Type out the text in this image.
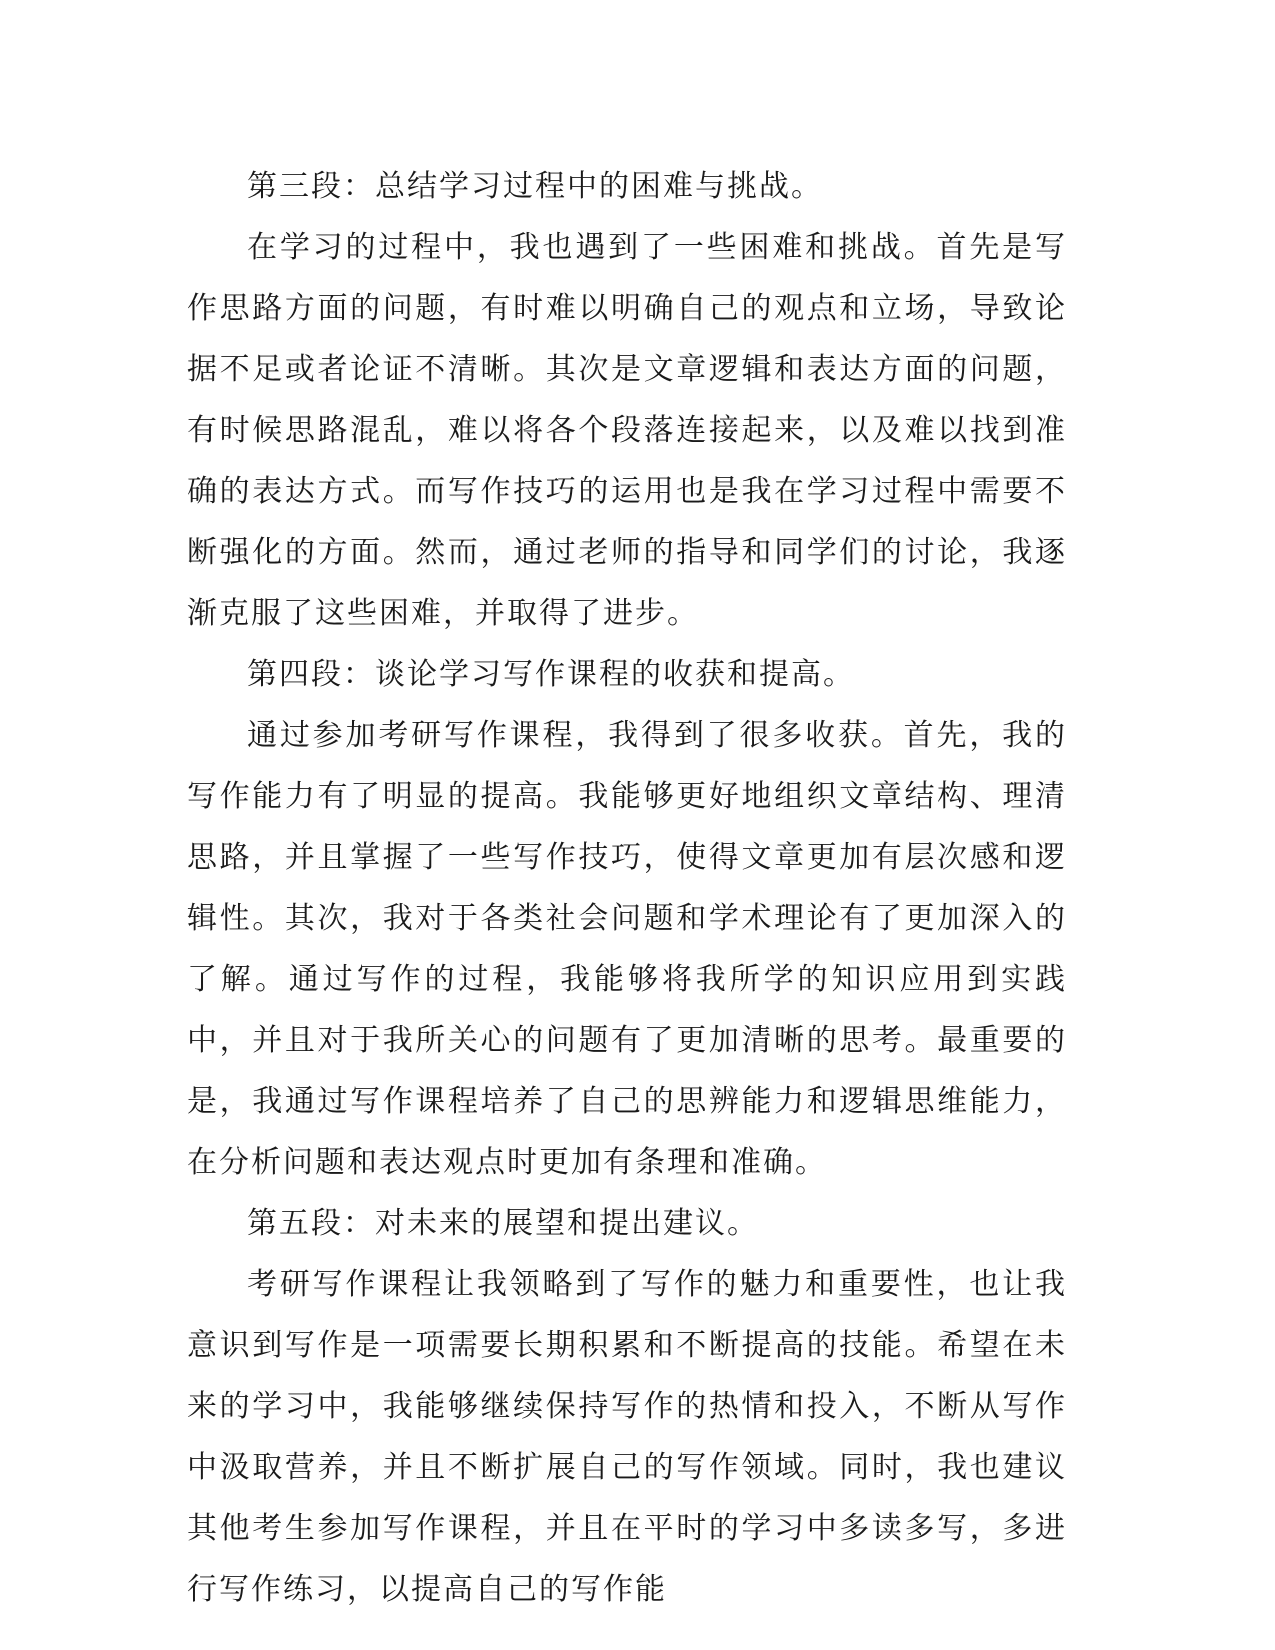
第三段：总结学习过程中的困难与挑战。

在学习的过程中，我也遇到了一些困难和挑战。首先是写作思路方面的问题，有时难以明确自己的观点和立场，导致论据不足或者论证不清晰。其次是文章逻辑和表达方面的问题，有时候思路混乱，难以将各个段落连接起来，以及难以找到准确的表达方式。而写作技巧的运用也是我在学习过程中需要不断强化的方面。然而，通过老师的指导和同学们的讨论，我逐渐克服了这些困难，并取得了进步。

第四段：谈论学习写作课程的收获和提高。

通过参加考研写作课程，我得到了很多收获。首先，我的写作能力有了明显的提高。我能够更好地组织文章结构、理清思路，并且掌握了一些写作技巧，使得文章更加有层次感和逻辑性。其次，我对于各类社会问题和学术理论有了更加深入的了解。通过写作的过程，我能够将我所学的知识应用到实践中，并且对于我所关心的问题有了更加清晰的思考。最重要的是，我通过写作课程培养了自己的思辨能力和逻辑思维能力，在分析问题和表达观点时更加有条理和准确。

第五段：对未来的展望和提出建议。

考研写作课程让我领略到了写作的魅力和重要性，也让我意识到写作是一项需要长期积累和不断提高的技能。希望在未来的学习中，我能够继续保持写作的热情和投入，不断从写作中汲取营养，并且不断扩展自己的写作领域。同时，我也建议其他考生参加写作课程，并且在平时的学习中多读多写，多进行写作练习，以提高自己的写作能
